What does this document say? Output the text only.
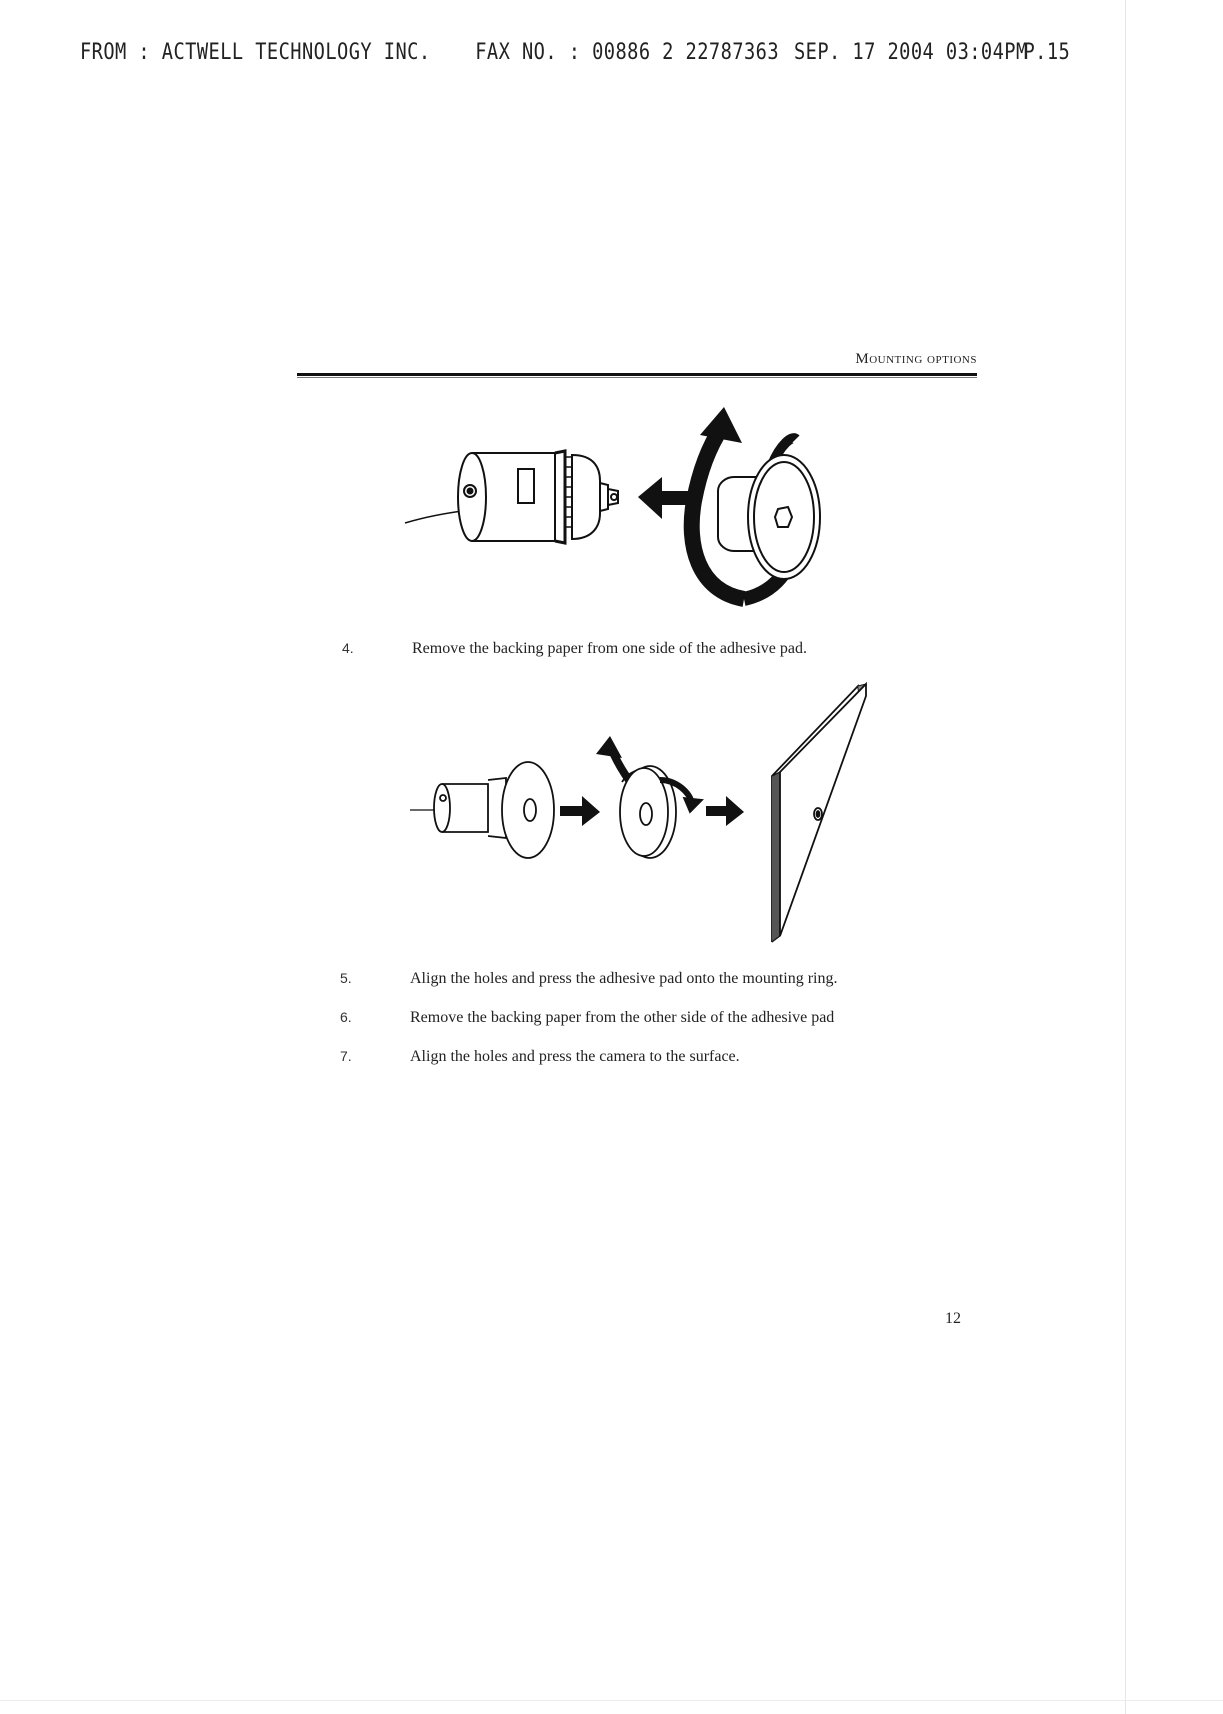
FROM : ACTWELL TECHNOLOGY INC. FAX NO. : 00886 2 22787363 SEP. 17 2004 03:04PM
P.15
Mounting options
4.	Remove the backing paper from one side of the adhesive pad.
5.	Align the holes and press the adhesive pad onto the mounting ring.
6.	Remove the backing paper from the other side of the adhesive pad
7.	Align the holes and press the camera to the surface.
12
